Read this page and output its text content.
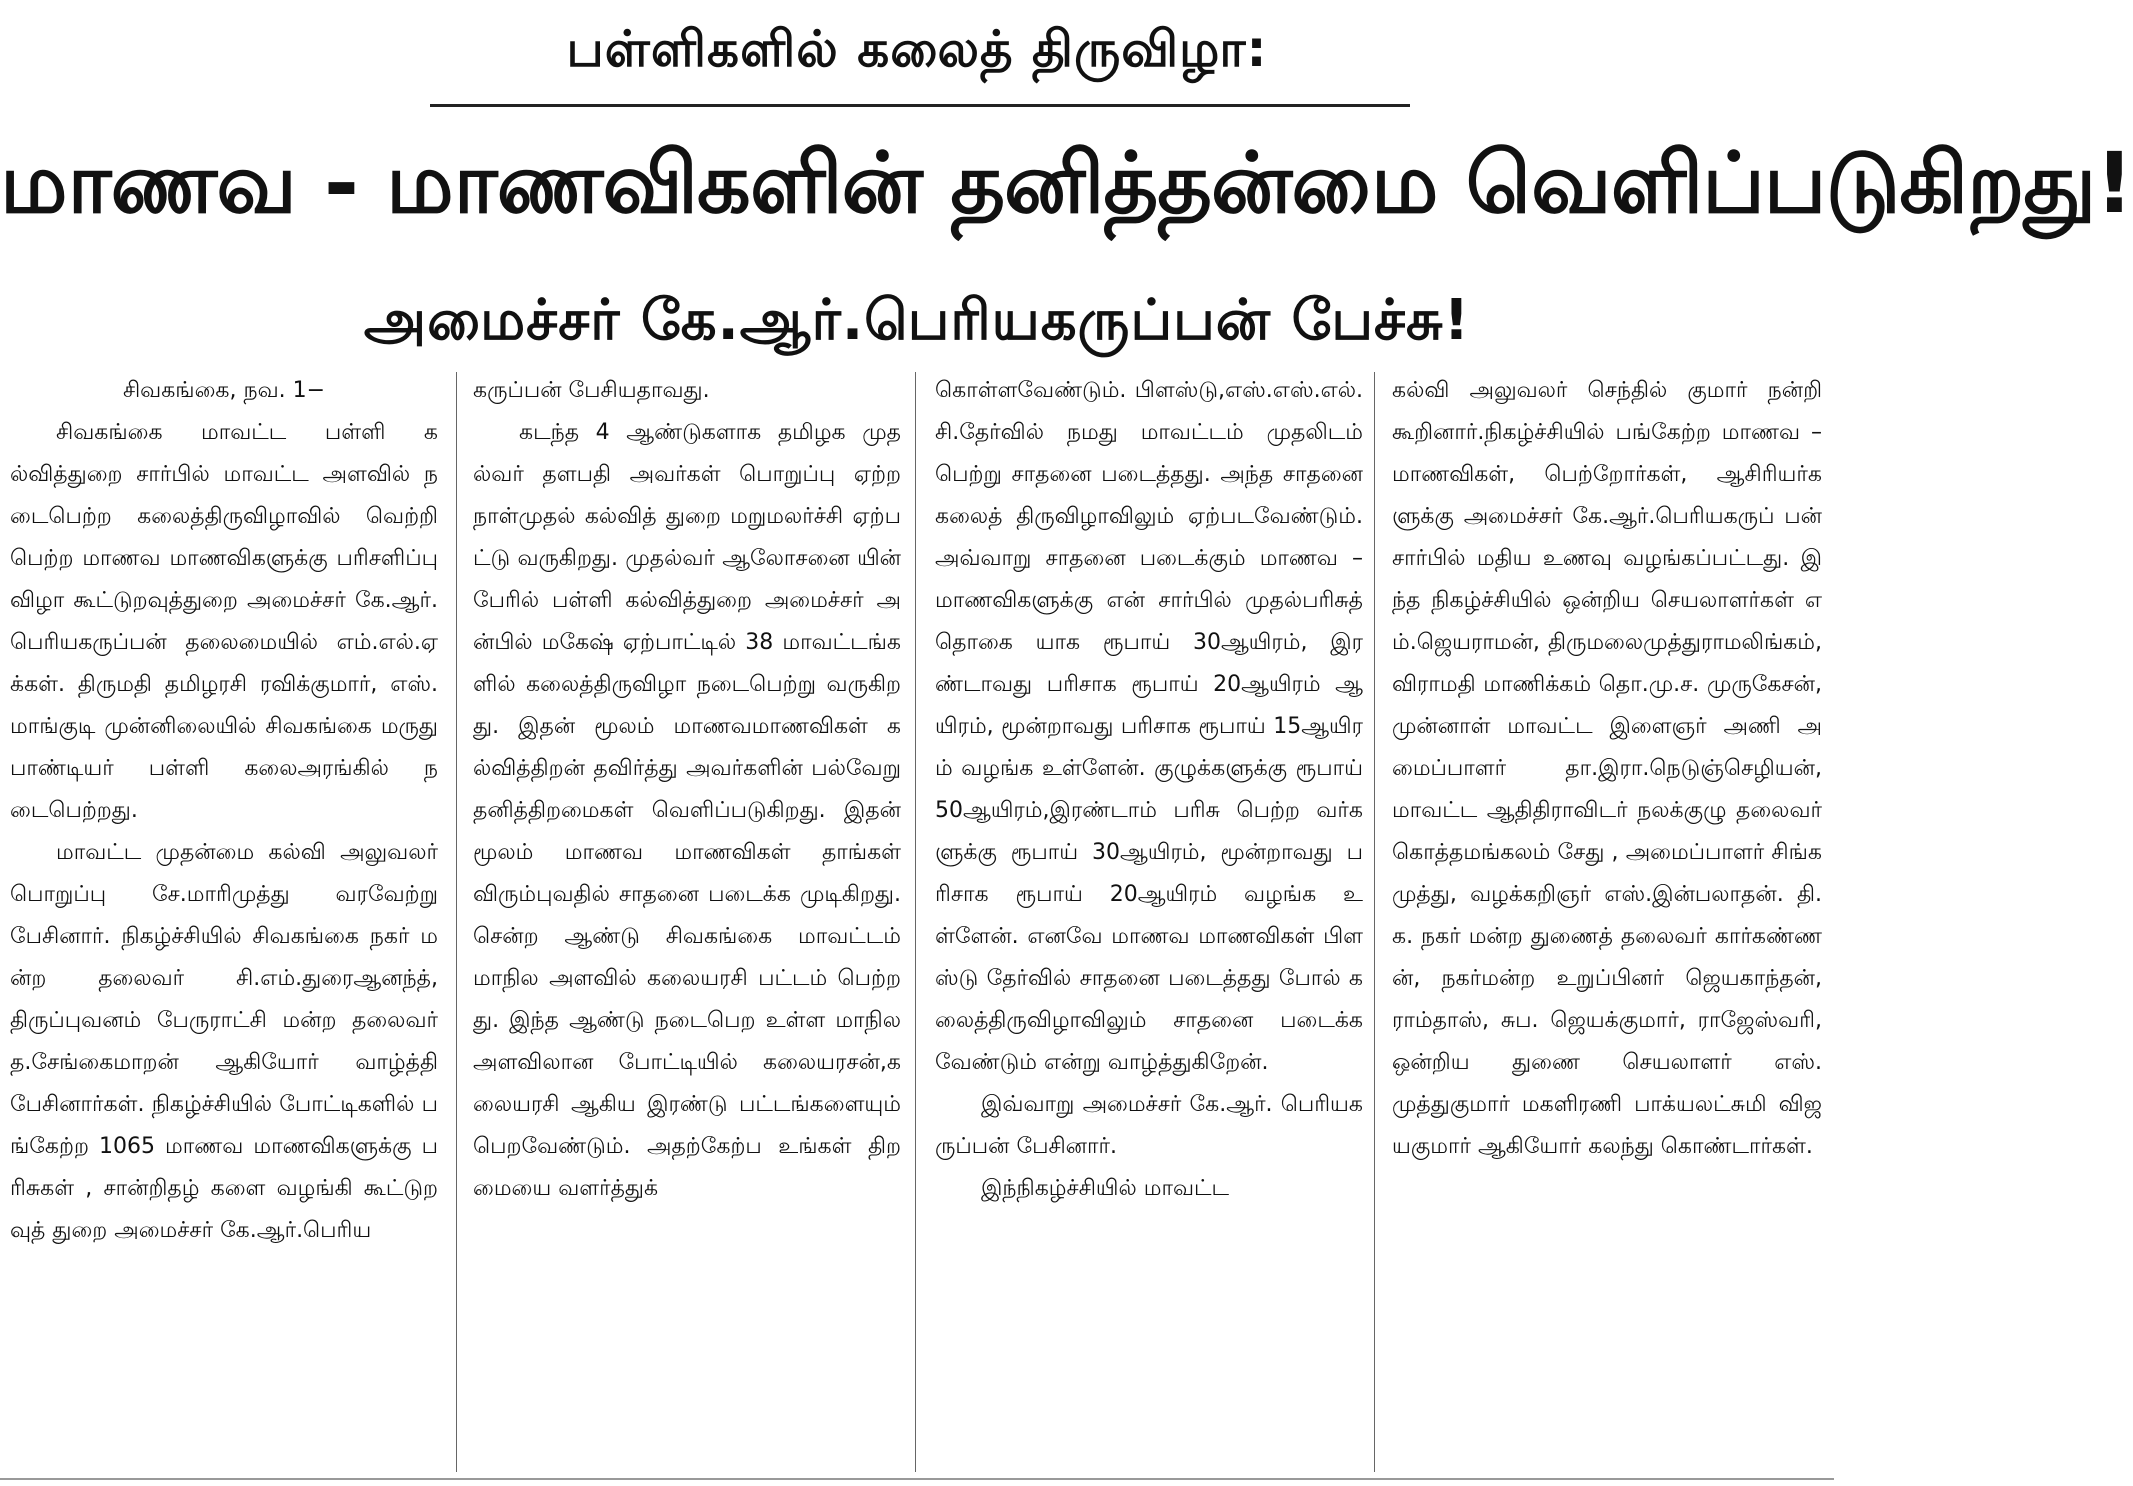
பள்ளிகளில் கலைத் திருவிழா:
மாணவ - மாணவிகளின் தனித்தன்மை வெளிப்படுகிறது!
அமைச்சர் கே.ஆர்.பெரியகருப்பன் பேச்சு!

சிவகங்கை, நவ. 1−

சிவகங்கை மாவட்ட பள்ளி கல்வித்துறை சார்பில் மாவட்ட அளவில் நடைபெற்ற கலைத்திருவிழாவில் வெற்றி பெற்ற மாணவ மாணவிகளுக்கு பரிசளிப்பு விழா கூட்டுறவுத்துறை அமைச்சர் கே.ஆர்.பெரியகருப்பன் தலைமையில் எம்.எல்.ஏக்கள். திருமதி தமிழரசி ரவிக்குமார், எஸ்.மாங்குடி முன்னிலையில் சிவகங்கை மருது பாண்டியர் பள்ளி கலைஅரங்கில் நடைபெற்றது.

மாவட்ட முதன்மை கல்வி அலுவலர் பொறுப்பு சே.மாரிமுத்து வரவேற்று பேசினார். நிகழ்ச்சியில் சிவகங்கை நகர் மன்ற தலைவர் சி.எம்.துரைஆனந்த், திருப்புவனம் பேருராட்சி மன்ற தலைவர் த.சேங்கைமாறன் ஆகியோர் வாழ்த்தி பேசினார்கள். நிகழ்ச்சியில் போட்டிகளில் பங்கேற்ற 1065 மாணவ மாணவிகளுக்கு பரிசுகள் , சான்றிதழ் களை வழங்கி கூட்டுறவுத் துறை அமைச்சர் கே.ஆர்.பெரிய

கருப்பன் பேசியதாவது.

கடந்த 4 ஆண்டுகளாக தமிழக முதல்வர் தளபதி அவர்கள் பொறுப்பு ஏற்ற நாள்முதல் கல்வித் துறை மறுமலர்ச்சி ஏற்பட்டு வருகிறது. முதல்வர் ஆலோசனை யின் பேரில் பள்ளி கல்வித்துறை அமைச்சர் அன்பில் மகேஷ் ஏற்பாட்டில் 38 மாவட்டங்களில் கலைத்திருவிழா நடைபெற்று வருகிறது. இதன் மூலம் மாணவமாணவிகள் கல்வித்திறன் தவிர்த்து அவர்களின் பல்வேறு தனித்திறமைகள் வெளிப்படுகிறது. இதன் மூலம் மாணவ மாணவிகள் தாங்கள் விரும்புவதில் சாதனை படைக்க முடிகிறது. சென்ற ஆண்டு சிவகங்கை மாவட்டம் மாநில அளவில் கலையரசி பட்டம் பெற்றது. இந்த ஆண்டு நடைபெற உள்ள மாநில அளவிலான போட்டியில் கலையரசன்,கலையரசி ஆகிய இரண்டு பட்டங்களையும் பெறவேண்டும். அதற்கேற்ப உங்கள் திறமையை வளர்த்துக்

கொள்ளவேண்டும். பிளஸ்டு,எஸ்.எஸ்.எல்.சி.தேர்வில் நமது மாவட்டம் முதலிடம் பெற்று சாதனை படைத்தது. அந்த சாதனை கலைத் திருவிழாவிலும் ஏற்படவேண்டும். அவ்வாறு சாதனை படைக்கும் மாணவ – மாணவிகளுக்கு என் சார்பில் முதல்பரிசுத் தொகை யாக ரூபாய் 30ஆயிரம், இரண்டாவது பரிசாக ரூபாய் 20ஆயிரம் ஆயிரம், மூன்றாவது பரிசாக ரூபாய் 15ஆயிரம் வழங்க உள்ளேன். குழுக்களுக்கு ரூபாய் 50ஆயிரம்,இரண்டாம் பரிசு பெற்ற வர்களுக்கு ரூபாய் 30ஆயிரம், மூன்றாவது பரிசாக ரூபாய் 20ஆயிரம் வழங்க உள்ளேன். எனவே மாணவ மாணவிகள் பிளஸ்டு தேர்வில் சாதனை படைத்தது போல் கலைத்திருவிழாவிலும் சாதனை படைக்க வேண்டும் என்று வாழ்த்துகிறேன்.

இவ்வாறு அமைச்சர் கே.ஆர். பெரியகருப்பன் பேசினார்.

இந்நிகழ்ச்சியில் மாவட்ட

கல்வி அலுவலர் செந்தில் குமார் நன்றி கூறினார்.நிகழ்ச்சியில் பங்கேற்ற மாணவ – மாணவிகள், பெற்றோர்கள், ஆசிரியர்களுக்கு அமைச்சர் கே.ஆர்.பெரியகருப் பன் சார்பில் மதிய உணவு வழங்கப்பட்டது. இந்த நிகழ்ச்சியில் ஒன்றிய செயலாளர்கள் எம்.ஜெயராமன், திருமலைமுத்துராமலிங்கம், விராமதி மாணிக்கம் தொ.மு.ச. முருகேசன், முன்னாள் மாவட்ட இளைஞர் அணி அமைப்பாளர் தா.இரா.நெடுஞ்செழியன், மாவட்ட ஆதிதிராவிடர் நலக்குழு தலைவர் கொத்தமங்கலம் சேது , அமைப்பாளர் சிங்கமுத்து, வழக்கறிஞர் எஸ்.இன்பலாதன். தி.க. நகர் மன்ற துணைத் தலைவர் கார்கண்ணன், நகர்மன்ற உறுப்பினர் ஜெயகாந்தன், ராம்தாஸ், சுப. ஜெயக்குமார், ராஜேஸ்வரி, ஒன்றிய துணை செயலாளர் எஸ்.முத்துகுமார் மகளிரணி பாக்யலட்சுமி விஜயகுமார் ஆகியோர் கலந்து கொண்டார்கள்.
